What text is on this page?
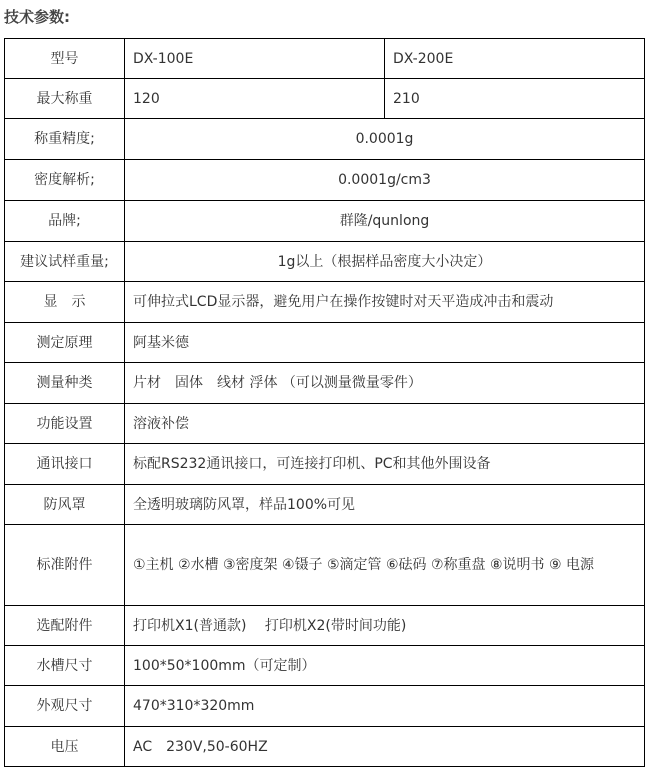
技术参数:
型号	DX-100E	DX-200E
最大称重	120	210
称重精度;	0.0001g	
密度解析;	0.0001g/cm3	
品牌;	群隆/qunlong	
建议试样重量;	1g以上（根据样品密度大小决定）	
显　示	可伸拉式LCD显示器，避免用户在操作按键时对天平造成冲击和震动	
测定原理	阿基米德	
测量种类	片材　固体　线材 浮体 （可以测量微量零件）	
功能设置	溶液补偿	
通讯接口	标配RS232通讯接口，可连接打印机、PC和其他外围设备	
防风罩	全透明玻璃防风罩，样品100%可见	
标准附件	①主机 ②水槽 ③密度架 ④镊子 ⑤滴定管 ⑥砝码 ⑦称重盘 ⑧说明书 ⑨ 电源	
选配附件	打印机X1(普通款)　 打印机X2(带时间功能)	
水槽尺寸	100*50*100mm（可定制）	
外观尺寸	470*310*320mm	
电压	AC　230V,50-60HZ	
